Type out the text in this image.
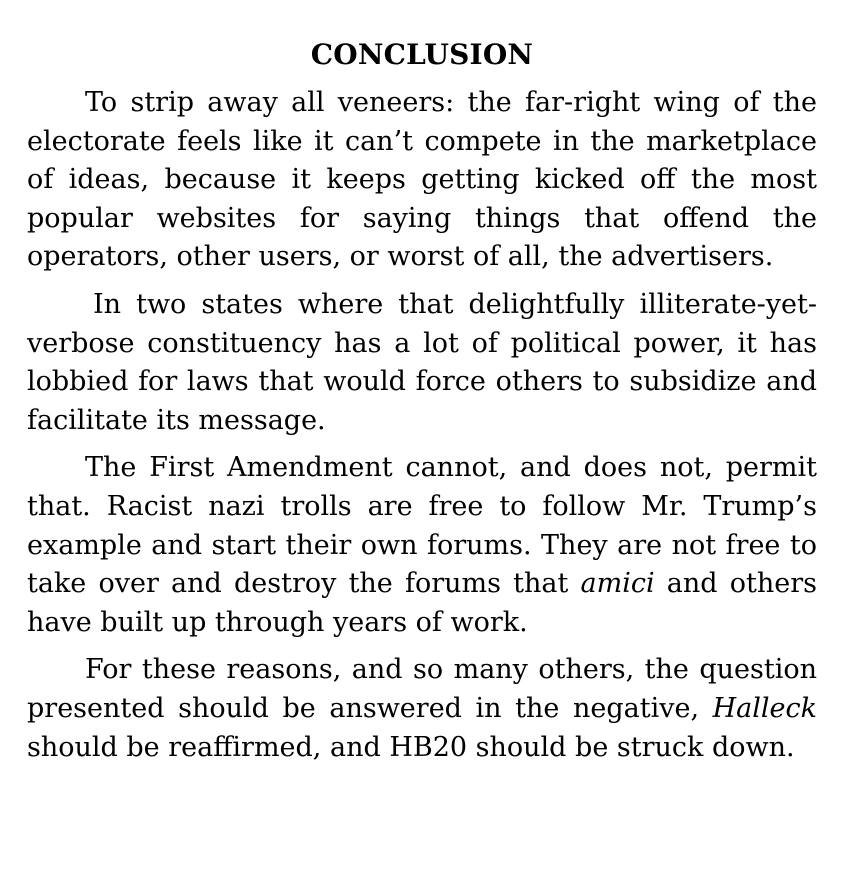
CONCLUSION

To strip away all veneers: the far-right wing of the electorate feels like it can’t compete in the marketplace of ideas, because it keeps getting kicked off the most popular websites for saying things that offend the operators, other users, or worst of all, the advertisers.

In two states where that delightfully illiterate-yet-verbose constituency has a lot of political power, it has lobbied for laws that would force others to subsidize and facilitate its message.

The First Amendment cannot, and does not, permit that. Racist nazi trolls are free to follow Mr. Trump’s example and start their own forums. They are not free to take over and destroy the forums that amici and others have built up through years of work.

For these reasons, and so many others, the question presented should be answered in the negative, Halleck should be reaffirmed, and HB20 should be struck down.
